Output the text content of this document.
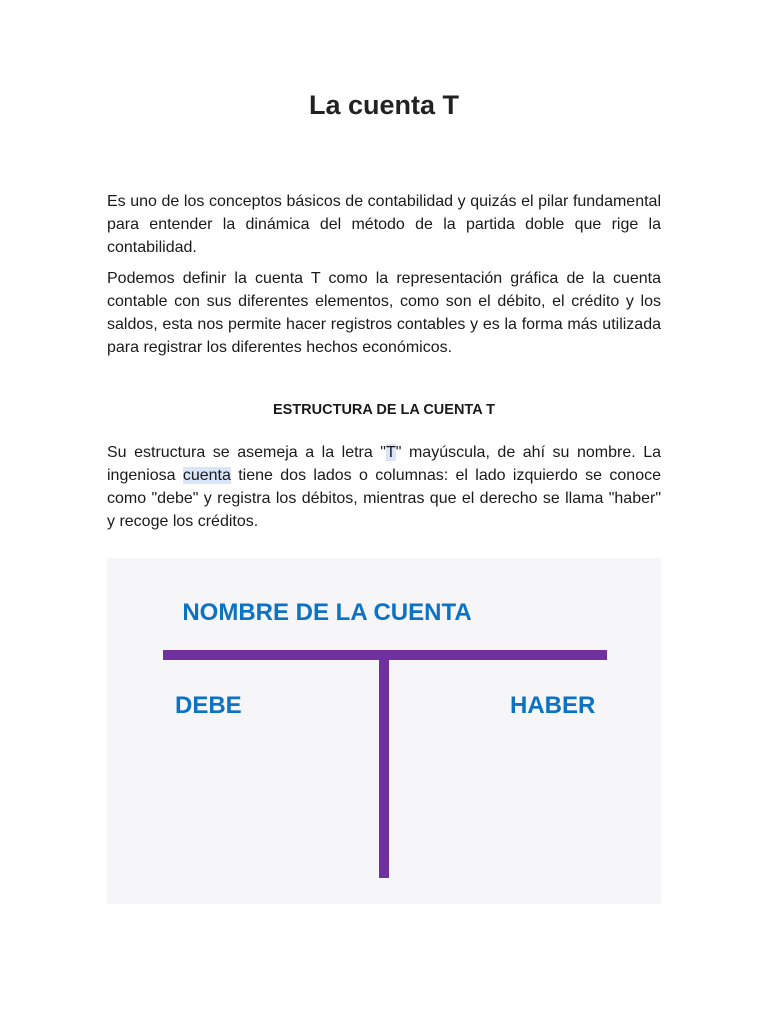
La cuenta T

Es uno de los conceptos básicos de contabilidad y quizás el pilar fundamental para entender la dinámica del método de la partida doble que rige la contabilidad.

Podemos definir la cuenta T como la representación gráfica de la cuenta contable con sus diferentes elementos, como son el débito, el crédito y los saldos, esta nos permite hacer registros contables y es la forma más utilizada para registrar los diferentes hechos económicos.

ESTRUCTURA DE LA CUENTA T

Su estructura se asemeja a la letra "T" mayúscula, de ahí su nombre. La ingeniosa cuenta tiene dos lados o columnas: el lado izquierdo se conoce como "debe" y registra los débitos, mientras que el derecho se llama "haber" y recoge los créditos.

NOMBRE DE LA CUENTA
DEBE	HABER
